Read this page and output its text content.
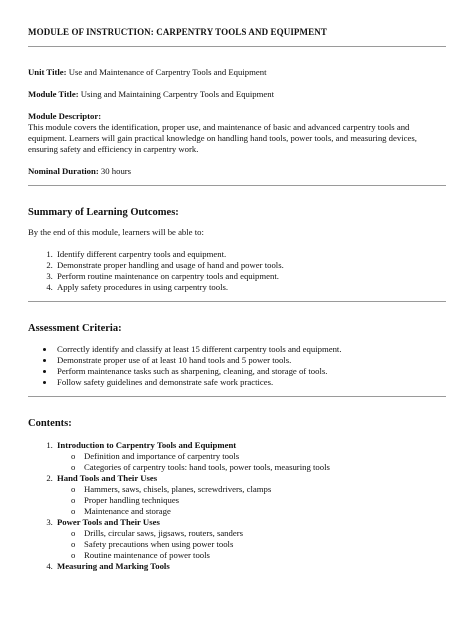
MODULE OF INSTRUCTION: CARPENTRY TOOLS AND EQUIPMENT

Unit Title: Use and Maintenance of Carpentry Tools and Equipment

Module Title: Using and Maintaining Carpentry Tools and Equipment

Module Descriptor:

This module covers the identification, proper use, and maintenance of basic and advanced carpentry tools and equipment. Learners will gain practical knowledge on handling hand tools, power tools, and measuring devices, ensuring safety and efficiency in carpentry work.

Nominal Duration: 30 hours

Summary of Learning Outcomes:

By the end of this module, learners will be able to:

1. Identify different carpentry tools and equipment.
2. Demonstrate proper handling and usage of hand and power tools.
3. Perform routine maintenance on carpentry tools and equipment.
4. Apply safety procedures in using carpentry tools.
Assessment Criteria:
• Correctly identify and classify at least 15 different carpentry tools and equipment.
• Demonstrate proper use of at least 10 hand tools and 5 power tools.
• Perform maintenance tasks such as sharpening, cleaning, and storage of tools.
• Follow safety guidelines and demonstrate safe work practices.
Contents:
1. Introduction to Carpentry Tools and Equipment
o Definition and importance of carpentry tools
o Categories of carpentry tools: hand tools, power tools, measuring tools
2. Hand Tools and Their Uses
o Hammers, saws, chisels, planes, screwdrivers, clamps
o Proper handling techniques
o Maintenance and storage
3. Power Tools and Their Uses
o Drills, circular saws, jigsaws, routers, sanders
o Safety precautions when using power tools
o Routine maintenance of power tools
4. Measuring and Marking Tools
